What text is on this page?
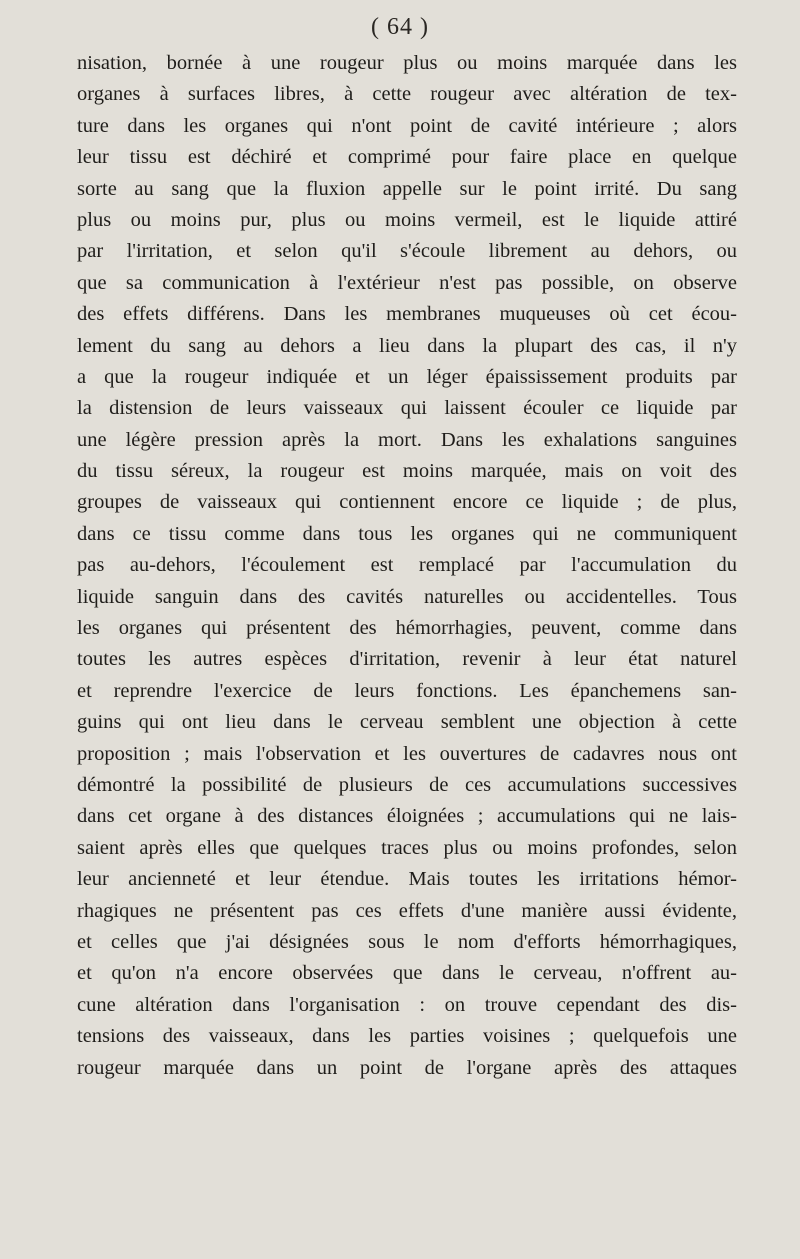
( 64 )
nisation, bornée à une rougeur plus ou moins marquée dans les
organes à surfaces libres, à cette rougeur avec altération de tex-
ture dans les organes qui n'ont point de cavité intérieure ; alors
leur tissu est déchiré et comprimé pour faire place en quelque
sorte au sang que la fluxion appelle sur le point irrité. Du sang
plus ou moins pur, plus ou moins vermeil, est le liquide attiré
par l'irritation, et selon qu'il s'écoule librement au dehors, ou
que sa communication à l'extérieur n'est pas possible, on observe
des effets différens. Dans les membranes muqueuses où cet écou-
lement du sang au dehors a lieu dans la plupart des cas, il n'y
a que la rougeur indiquée et un léger épaississement produits par
la distension de leurs vaisseaux qui laissent écouler ce liquide par
une légère pression après la mort. Dans les exhalations sanguines
du tissu séreux, la rougeur est moins marquée, mais on voit des
groupes de vaisseaux qui contiennent encore ce liquide ; de plus,
dans ce tissu comme dans tous les organes qui ne communiquent
pas au-dehors, l'écoulement est remplacé par l'accumulation du
liquide sanguin dans des cavités naturelles ou accidentelles. Tous
les organes qui présentent des hémorrhagies, peuvent, comme dans
toutes les autres espèces d'irritation, revenir à leur état naturel
et reprendre l'exercice de leurs fonctions. Les épanchemens san-
guins qui ont lieu dans le cerveau semblent une objection à cette
proposition ; mais l'observation et les ouvertures de cadavres nous ont
démontré la possibilité de plusieurs de ces accumulations successives
dans cet organe à des distances éloignées ; accumulations qui ne lais-
saient après elles que quelques traces plus ou moins profondes, selon
leur ancienneté et leur étendue. Mais toutes les irritations hémor-
rhagiques ne présentent pas ces effets d'une manière aussi évidente,
et celles que j'ai désignées sous le nom d'efforts hémorrhagiques,
et qu'on n'a encore observées que dans le cerveau, n'offrent au-
cune altération dans l'organisation : on trouve cependant des dis-
tensions des vaisseaux, dans les parties voisines ; quelquefois une
rougeur marquée dans un point de l'organe après des attaques
